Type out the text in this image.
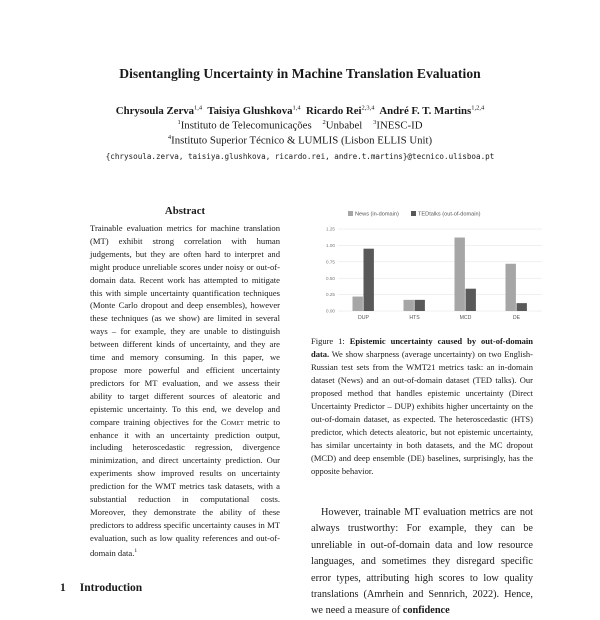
Disentangling Uncertainty in Machine Translation Evaluation
Chrysoula Zerva$^{1,4}$ Taisiya Glushkova$^{1,4}$ Ricardo Rei$^{2,3,4}$ André F. T. Martins$^{1,2,4}$
$^1$Instituto de Telecomunicações $^2$Unbabel $^3$INESC-ID
$^4$Instituto Superior Técnico & LUMLIS (Lisbon ELLIS Unit)
{chrysoula.zerva, taisiya.glushkova, ricardo.rei, andre.t.martins}@tecnico.ulisboa.pt
Abstract
Trainable evaluation metrics for machine translation (MT) exhibit strong correlation with human judgements, but they are often hard to interpret and might produce unreliable scores under noisy or out-of-domain data. Recent work has attempted to mitigate this with simple uncertainty quantification techniques (Monte Carlo dropout and deep ensembles), however these techniques (as we show) are limited in several ways – for example, they are unable to distinguish between different kinds of uncertainty, and they are time and memory consuming. In this paper, we propose more powerful and efficient uncertainty predictors for MT evaluation, and we assess their ability to target different sources of aleatoric and epistemic uncertainty. To this end, we develop and compare training objectives for the Comet metric to enhance it with an uncertainty prediction output, including heteroscedastic regression, divergence minimization, and direct uncertainty prediction. Our experiments show improved results on uncertainty prediction for the WMT metrics task datasets, with a substantial reduction in computational costs. Moreover, they demonstrate the ability of these predictors to address specific uncertainty causes in MT evaluation, such as low quality references and out-of-domain data.$^1$
1 Introduction
News (in-domain)	TEDtalks (out-of-domain)
0.00
0.25
0.50
0.75
1.00
1.25
DUP	HTS	MCD	DE
Figure 1: Epistemic uncertainty caused by out-of-domain data. We show sharpness (average uncertainty) on two English-Russian test sets from the WMT21 metrics task: an in-domain dataset (News) and an out-of-domain dataset (TED talks). Our proposed method that handles epistemic uncertainty (Direct Uncertainty Predictor – DUP) exhibits higher uncertainty on the out-of-domain dataset, as expected. The heteroscedastic (HTS) predictor, which detects aleatoric, but not epistemic uncertainty, has similar uncertainty in both datasets, and the MC dropout (MCD) and deep ensemble (DE) baselines, surprisingly, has the opposite behavior.
However, trainable MT evaluation metrics are not always trustworthy: For example, they can be unreliable in out-of-domain data and low resource languages, and sometimes they disregard specific error types, attributing high scores to low quality translations (Amrhein and Sennrich, 2022). Hence, we need a measure of confidence
